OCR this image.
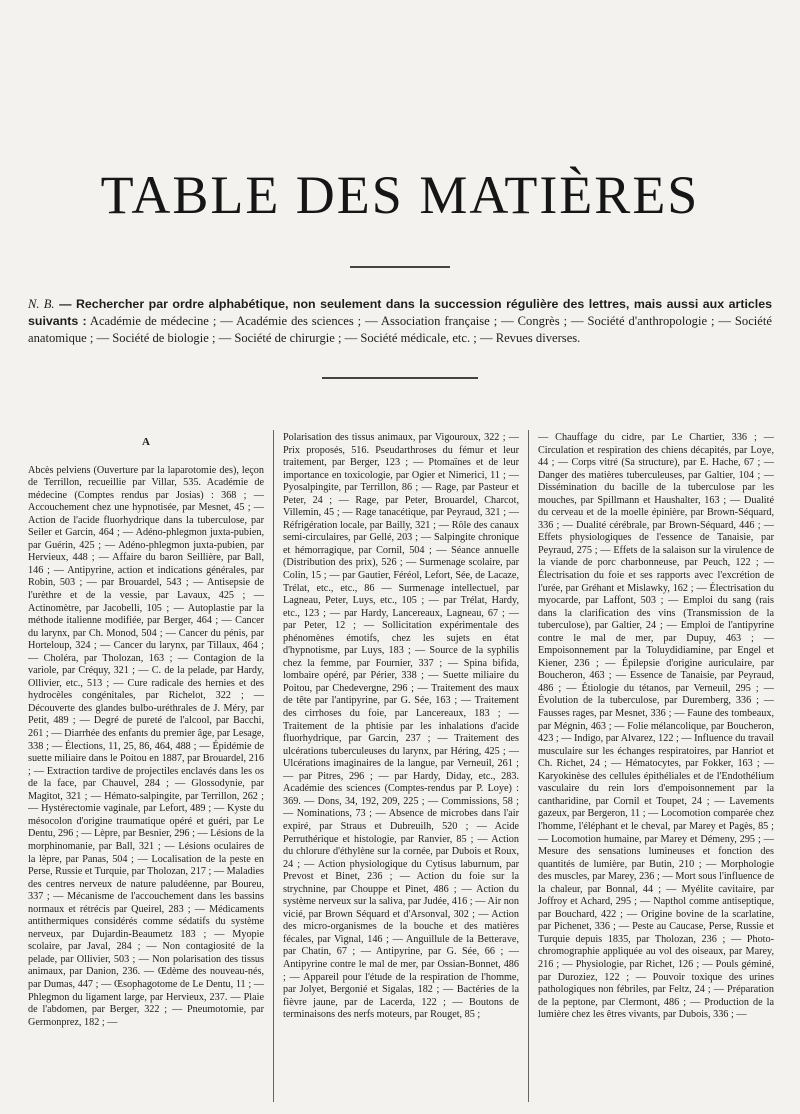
TABLE DES MATIÈRES

N. B. — Rechercher par ordre alphabétique, non seulement dans la succession régulière des lettres, mais aussi aux articles suivants : Académie de médecine ; — Académie des sciences ; — Association française ; — Congrès ; — Société d'anthropologie ; — Société anatomique ; — Société de biologie ; — Société de chirurgie ; — Société médicale, etc. ; — Revues diverses.

A

Abcès pelviens (Ouverture par la laparotomie des), leçon de Terrillon, recueillie par Villar, 535. Académie de médecine (Comptes rendus par Josias) : 368 ; — Accouchement chez une hypnotisée, par Mesnet, 45 ; — Action de l'acide fluorhydrique dans la tuberculose, par Seiler et Garcin, 464 ; — Adéno-phlegmon juxta-pubien, par Guérin, 425 ; — Adéno-phlegmon juxta-pubien, par Hervieux, 448 ; — Affaire du baron Seillière, par Ball, 146 ; — Antipyrine, action et indications générales, par Robin, 503 ; — par Brouardel, 543 ; — Antisepsie de l'urèthre et de la vessie, par Lavaux, 425 ; — Actinomètre, par Jacobelli, 105 ; — Autoplastie par la méthode italienne modifiée, par Berger, 464 ; — Cancer du larynx, par Ch. Monod, 504 ; — Cancer du pénis, par Horteloup, 324 ; — Cancer du larynx, par Tillaux, 464 ; — Choléra, par Tholozan, 163 ; — Contagion de la variole, par Créquy, 321 ; — C. de la pelade, par Hardy, Ollivier, etc., 513 ; — Cure radicale des hernies et des hydrocèles congénitales, par Richelot, 322 ; — Découverte des glandes bulbo-uréthrales de J. Méry, par Petit, 489 ; — Degré de pureté de l'alcool, par Bacchi, 261 ; — Diarrhée des enfants du premier âge, par Lesage, 338 ; — Élections, 11, 25, 86, 464, 488 ; — Épidémie de suette miliaire dans le Poitou en 1887, par Brouardel, 216 ; — Extraction tardive de projectiles enclavés dans les os de la face, par Chauvel, 284 ; — Glossodynie, par Magitot, 321 ; — Hémato-salpingite, par Terrillon, 262 ; — Hystérectomie vaginale, par Lefort, 489 ; — Kyste du mésocolon d'origine traumatique opéré et guéri, par Le Dentu, 296 ; — Lèpre, par Besnier, 296 ; — Lésions de la morphinomanie, par Ball, 321 ; — Lésions oculaires de la lèpre, par Panas, 504 ; — Localisation de la peste en Perse, Russie et Turquie, par Tholozan, 217 ; — Maladies des centres nerveux de nature paludéenne, par Boureu, 337 ; — Mécanisme de l'accouchement dans les bassins normaux et rétrécis par Queirel, 283 ; — Médicaments antithermiques considérés comme sédatifs du système nerveux, par Dujardin-Beaumetz 183 ; — Myopie scolaire, par Javal, 284 ; — Non contagiosité de la pelade, par Ollivier, 503 ; — Non polarisation des tissus animaux, par Danion, 236. — Œdème des nouveau-nés, par Dumas, 447 ; — Œsophagotome de Le Dentu, 11 ; — Phlegmon du ligament large, par Hervieux, 237. — Plaie de l'abdomen, par Berger, 322 ; — Pneumotomie, par Germonprez, 182 ; —

Polarisation des tissus animaux, par Vigouroux, 322 ; — Prix proposés, 516. Pseudarthroses du fémur et leur traitement, par Berger, 123 ; — Ptomaïnes et de leur importance en toxicologie, par Ogier et Nimerici, 11 ; — Pyosalpingite, par Terrillon, 86 ; — Rage, par Pasteur et Peter, 24 ; — Rage, par Peter, Brouardel, Charcot, Villemin, 45 ; — Rage tanacétique, par Peyraud, 321 ; — Réfrigération locale, par Bailly, 321 ; — Rôle des canaux semi-circulaires, par Gellé, 203 ; — Salpingite chronique et hémorragique, par Cornil, 504 ; — Séance annuelle (Distribution des prix), 526 ; — Surmenage scolaire, par Colin, 15 ; — par Gautier, Féréol, Lefort, Sée, de Lacaze, Trélat, etc., etc., 86 — Surmenage intellectuel, par Lagneau, Peter, Luys, etc., 105 ; — par Trélat, Hardy, etc., 123 ; — par Hardy, Lancereaux, Lagneau, 67 ; — par Peter, 12 ; — Sollicitation expérimentale des phénomènes émotifs, chez les sujets en état d'hypnotisme, par Luys, 183 ; — Source de la syphilis chez la femme, par Fournier, 337 ; — Spina bifida, lombaire opéré, par Périer, 338 ; — Suette miliaire du Poitou, par Chedevergne, 296 ; — Traitement des maux de tête par l'antipyrine, par G. Sée, 163 ; — Traitement des cirrhoses du foie, par Lancereaux, 183 ; — Traitement de la phtisie par les inhalations d'acide fluorhydrique, par Garcin, 237 ; — Traitement des ulcérations tuberculeuses du larynx, par Héring, 425 ; — Ulcérations imaginaires de la langue, par Verneuil, 261 ; — par Pitres, 296 ; — par Hardy, Diday, etc., 283. Académie des sciences (Comptes-rendus par P. Loye) : 369. — Dons, 34, 192, 209, 225 ; — Commissions, 58 ; — Nominations, 73 ; — Absence de microbes dans l'air expiré, par Straus et Dubreuilh, 520 ; — Acide Perruthérique et histologie, par Ranvier, 85 ; — Action du chlorure d'éthylène sur la cornée, par Dubois et Roux, 24 ; — Action physiologique du Cytisus laburnum, par Prevost et Binet, 236 ; — Action du foie sur la strychnine, par Chouppe et Pinet, 486 ; — Action du système nerveux sur la saliva, par Judée, 416 ; — Air non vicié, par Brown Séquard et d'Arsonval, 302 ; — Action des micro-organismes de la bouche et des matières fécales, par Vignal, 146 ; — Anguillule de la Betterave, par Chatin, 67 ; — Antipyrine, par G. Sée, 66 ; — Antipyrine contre le mal de mer, par Ossian-Bonnet, 486 ; — Appareil pour l'étude de la respiration de l'homme, par Jolyet, Bergonié et Sigalas, 182 ; — Bactéries de la fièvre jaune, par de Lacerda, 122 ; — Boutons de terminaisons des nerfs moteurs, par Rouget, 85 ;

— Chauffage du cidre, par Le Chartier, 336 ; — Circulation et respiration des chiens décapités, par Loye, 44 ; — Corps vitré (Sa structure), par E. Hache, 67 ; — Danger des matières tuberculeuses, par Galtier, 104 ; — Dissémination du bacille de la tuberculose par les mouches, par Spillmann et Haushalter, 163 ; — Dualité du cerveau et de la moelle épinière, par Brown-Séquard, 336 ; — Dualité cérébrale, par Brown-Séquard, 446 ; — Effets physiologiques de l'essence de Tanaisie, par Peyraud, 275 ; — Effets de la salaison sur la virulence de la viande de porc charbonneuse, par Peuch, 122 ; — Électrisation du foie et ses rapports avec l'excrétion de l'urée, par Gréhant et Mislawky, 162 ; — Électrisation du myocarde, par Laffont, 503 ; — Emploi du sang (rais dans la clarification des vins (Transmission de la tuberculose), par Galtier, 24 ; — Emploi de l'antipyrine contre le mal de mer, par Dupuy, 463 ; — Empoisonnement par la Toluydidiamine, par Engel et Kiener, 236 ; — Épilepsie d'origine auriculaire, par Boucheron, 463 ; — Essence de Tanaisie, par Peyraud, 486 ; — Étiologie du tétanos, par Verneuil, 295 ; — Évolution de la tuberculose, par Duremberg, 336 ; — Fausses rages, par Mesnet, 336 ; — Faune des tombeaux, par Mégnin, 463 ; — Folie mélancolique, par Boucheron, 423 ; — Indigo, par Alvarez, 122 ; — Influence du travail musculaire sur les échanges respiratoires, par Hanriot et Ch. Richet, 24 ; — Hématocytes, par Fokker, 163 ; — Karyokinèse des cellules épithéliales et de l'Endothélium vasculaire du rein lors d'empoisonnement par la cantharidine, par Cornil et Toupet, 24 ; — Lavements gazeux, par Bergeron, 11 ; — Locomotion comparée chez l'homme, l'éléphant et le cheval, par Marey et Pagès, 85 ; — Locomotion humaine, par Marey et Démeny, 295 ; — Mesure des sensations lumineuses et fonction des quantités de lumière, par Butin, 210 ; — Morphologie des muscles, par Marey, 236 ; — Mort sous l'influence de la chaleur, par Bonnal, 44 ; — Myélite cavitaire, par Joffroy et Achard, 295 ; — Napthol comme antiseptique, par Bouchard, 422 ; — Origine bovine de la scarlatine, par Pichenet, 336 ; — Peste au Caucase, Perse, Russie et Turquie depuis 1835, par Tholozan, 236 ; — Photo-chromographie appliquée au vol des oiseaux, par Marey, 216 ; — Physiologie, par Richet, 126 ; — Pouls géminé, par Duroziez, 122 ; — Pouvoir toxique des urines pathologiques non fébriles, par Feltz, 24 ; — Préparation de la peptone, par Clermont, 486 ; — Production de la lumière chez les êtres vivants, par Dubois, 336 ; —
